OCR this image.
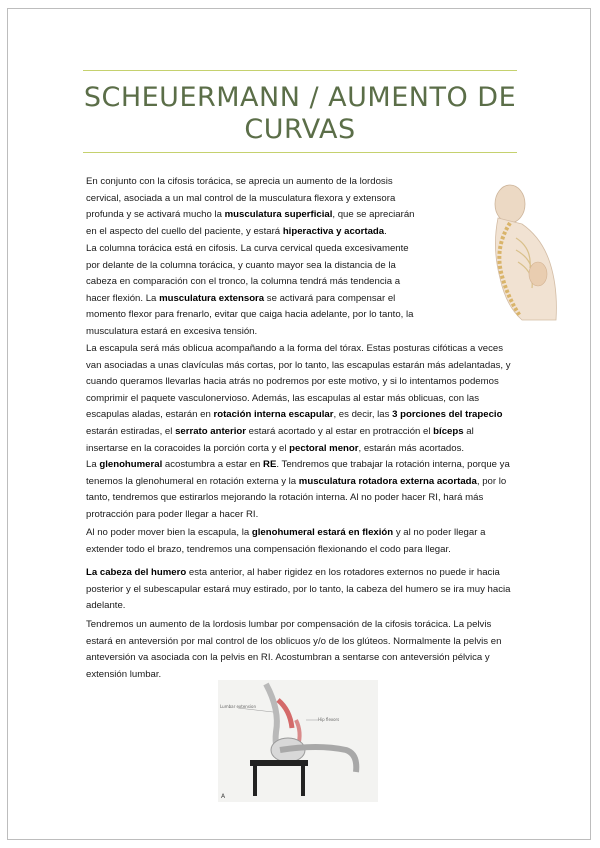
SCHEUERMANN / AUMENTO DE CURVAS

En conjunto con la cifosis torácica, se aprecia un aumento de la lordosis cervical, asociada a un mal control de la musculatura flexora y extensora profunda y se activará mucho la musculatura superficial, que se apreciarán en el aspecto del cuello del paciente, y estará hiperactiva y acortada.

La columna torácica está en cifosis. La curva cervical queda excesivamente por delante de la columna torácica, y cuanto mayor sea la distancia de la cabeza en comparación con el tronco, la columna tendrá más tendencia a hacer flexión. La musculatura extensora se activará para compensar el momento flexor para frenarlo, evitar que caiga hacia adelante, por lo tanto, la musculatura estará en excesiva tensión.

La escapula será más oblicua acompañando a la forma del tórax. Estas posturas cifóticas a veces van asociadas a unas clavículas más cortas, por lo tanto, las escapulas estarán más adelantadas, y cuando queramos llevarlas hacia atrás no podremos por este motivo, y si lo intentamos podemos comprimir el paquete vasculonervioso. Además, las escapulas al estar más oblicuas, con las escapulas aladas, estarán en rotación interna escapular, es decir, las 3 porciones del trapecio estarán estiradas, el serrato anterior estará acortado y al estar en protracción el bíceps al insertarse en la coracoides la porción corta y el pectoral menor, estarán más acortados.

La glenohumeral acostumbra a estar en RE. Tendremos que trabajar la rotación interna, porque ya tenemos la glenohumeral en rotación externa y la musculatura rotadora externa acortada, por lo tanto, tendremos que estirarlos mejorando la rotación interna. Al no poder hacer RI, hará más protracción para poder llegar a hacer RI.

Al no poder mover bien la escapula, la glenohumeral estará en flexión y al no poder llegar a extender todo el brazo, tendremos una compensación flexionando el codo para llegar.

La cabeza del humero esta anterior, al haber rigidez en los rotadores externos no puede ir hacia posterior y el subescapular estará muy estirado, por lo tanto, la cabeza del humero se ira muy hacia adelante.

Tendremos un aumento de la lordosis lumbar por compensación de la cifosis torácica. La pelvis estará en anteversión por mal control de los oblicuos y/o de los glúteos. Normalmente la pelvis en anteversión va asociada con la pelvis en RI. Acostumbran a sentarse con anteversión pélvica y extensión lumbar.

Lumbar extension
Hip flexors
A
